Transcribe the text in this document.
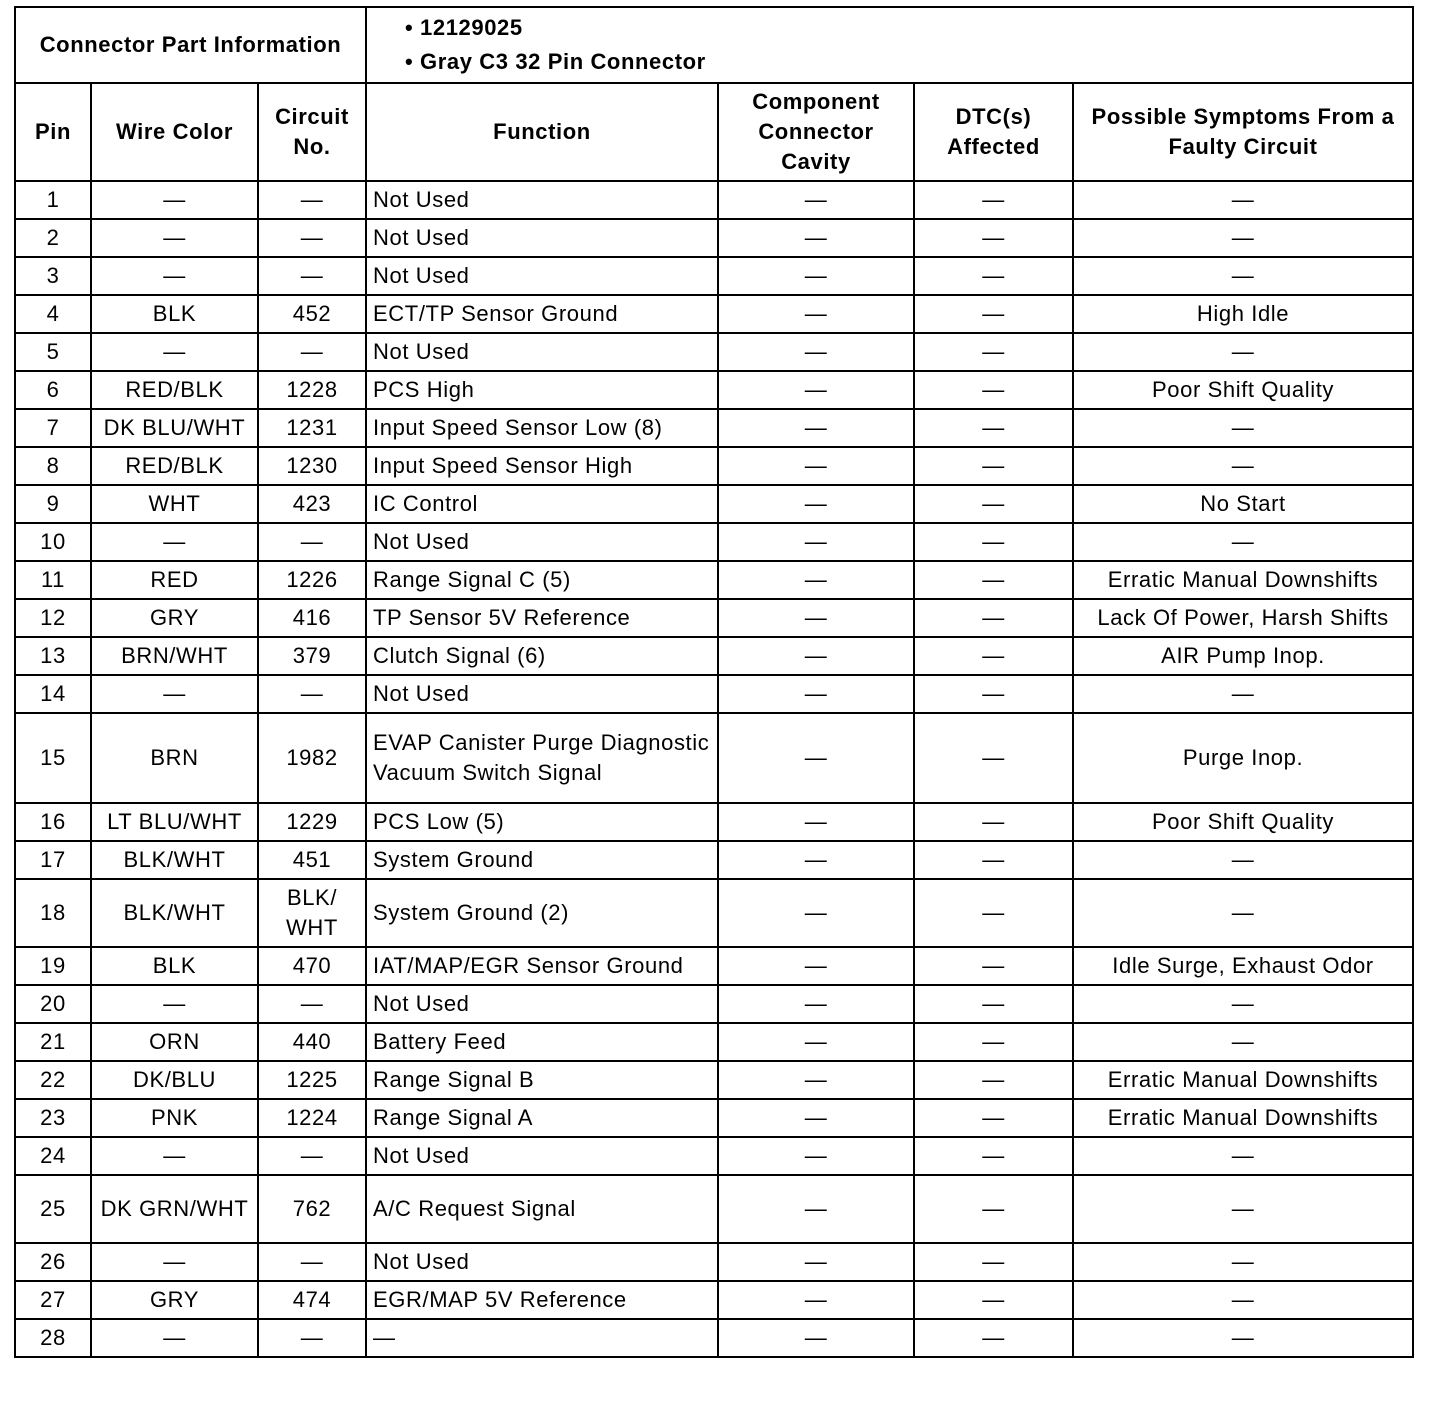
Connector Part Information			• 12129025
• Gray C3 32 Pin Connector			

Pin	Wire Color	Circuit No.	Function	Component Connector Cavity	DTC(s) Affected	Possible Symptoms From a Faulty Circuit
1	—	—	Not Used	—	—	—
2	—	—	Not Used	—	—	—
3	—	—	Not Used	—	—	—
4	BLK	452	ECT/TP Sensor Ground	—	—	High Idle
5	—	—	Not Used	—	—	—
6	RED/BLK	1228	PCS High	—	—	Poor Shift Quality
7	DK BLU/WHT	1231	Input Speed Sensor Low (8)	—	—	—
8	RED/BLK	1230	Input Speed Sensor High	—	—	—
9	WHT	423	IC Control	—	—	No Start
10	—	—	Not Used	—	—	—
11	RED	1226	Range Signal C (5)	—	—	Erratic Manual Downshifts
12	GRY	416	TP Sensor 5V Reference	—	—	Lack Of Power, Harsh Shifts
13	BRN/WHT	379	Clutch Signal (6)	—	—	AIR Pump Inop.
14	—	—	Not Used	—	—	—
15	BRN	1982	EVAP Canister Purge Diagnostic Vacuum Switch Signal	—	—	Purge Inop.
16	LT BLU/WHT	1229	PCS Low (5)	—	—	Poor Shift Quality
17	BLK/WHT	451	System Ground	—	—	—
18	BLK/WHT	BLK/ WHT	System Ground (2)	—	—	—
19	BLK	470	IAT/MAP/EGR Sensor Ground	—	—	Idle Surge, Exhaust Odor
20	—	—	Not Used	—	—	—
21	ORN	440	Battery Feed	—	—	—
22	DK/BLU	1225	Range Signal B	—	—	Erratic Manual Downshifts
23	PNK	1224	Range Signal A	—	—	Erratic Manual Downshifts
24	—	—	Not Used	—	—	—
25	DK GRN/WHT	762	A/C Request Signal	—	—	—
26	—	—	Not Used	—	—	—
27	GRY	474	EGR/MAP 5V Reference	—	—	—
28	—	—	—	—	—	—
